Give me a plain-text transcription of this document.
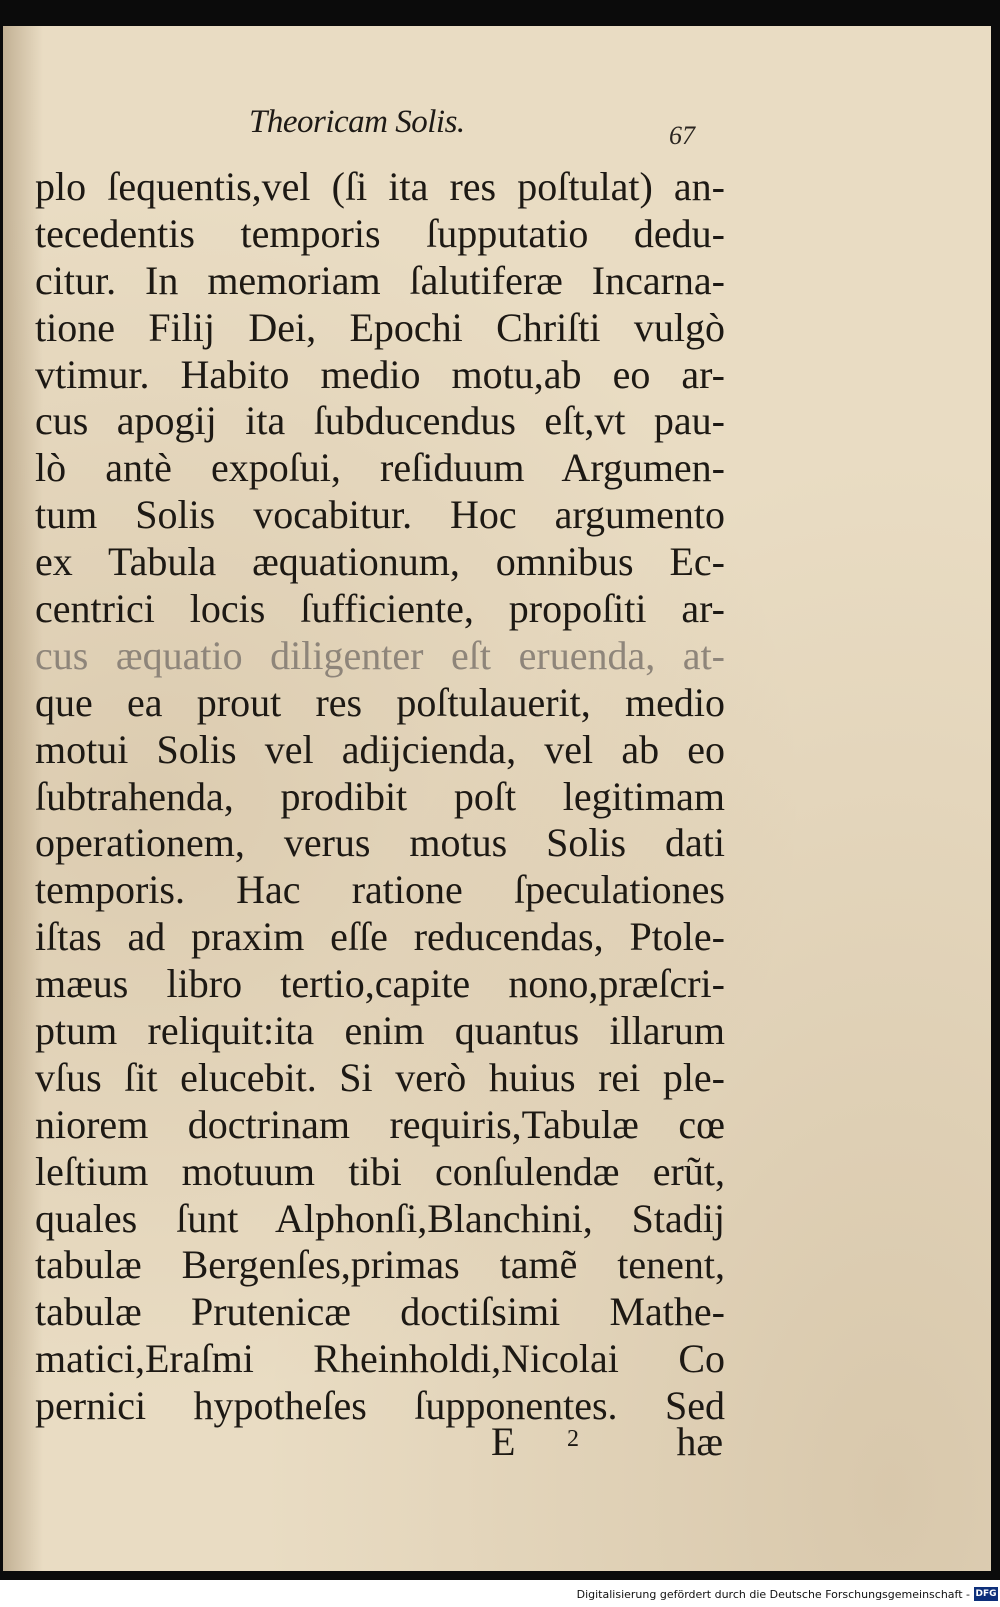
Theoricam Solis.	67
plo ſequentis,vel (ſi ita res poſtulat) an-
tecedentis temporis ſupputatio dedu-
citur. In memoriam ſalutiferæ Incarna-
tione Filij Dei, Epochi Chriſti vulgò
vtimur. Habito medio motu,ab eo ar-
cus apogij ita ſubducendus eſt,vt pau-
lò antè expoſui, reſiduum Argumen-
tum Solis vocabitur. Hoc argumento
ex Tabula æquationum, omnibus Ec-
centrici locis ſufficiente, propoſiti ar-
cus æquatio diligenter eſt eruenda, at-
que ea prout res poſtulauerit, medio
motui Solis vel adijcienda, vel ab eo
ſubtrahenda, prodibit poſt legitimam
operationem, verus motus Solis dati
temporis. Hac ratione ſpeculationes
iſtas ad praxim eſſe reducendas, Ptole-
mæus libro tertio,capite nono,præſcri-
ptum reliquit:ita enim quantus illarum
vſus ſit elucebit. Si verò huius rei ple-
niorem doctrinam requiris,Tabulæ cœ
leſtium motuum tibi conſulendæ erũt,
quales ſunt Alphonſi,Blanchini, Stadij
tabulæ Bergenſes,primas tamẽ tenent,
tabulæ Prutenicæ doctiſsimi Mathe-
matici,Eraſmi Rheinholdi,Nicolai Co
pernici hypotheſes ſupponentes. Sed
E 2 hæ
Digitalisierung gefördert durch die Deutsche Forschungsgemeinschaft - DFG
